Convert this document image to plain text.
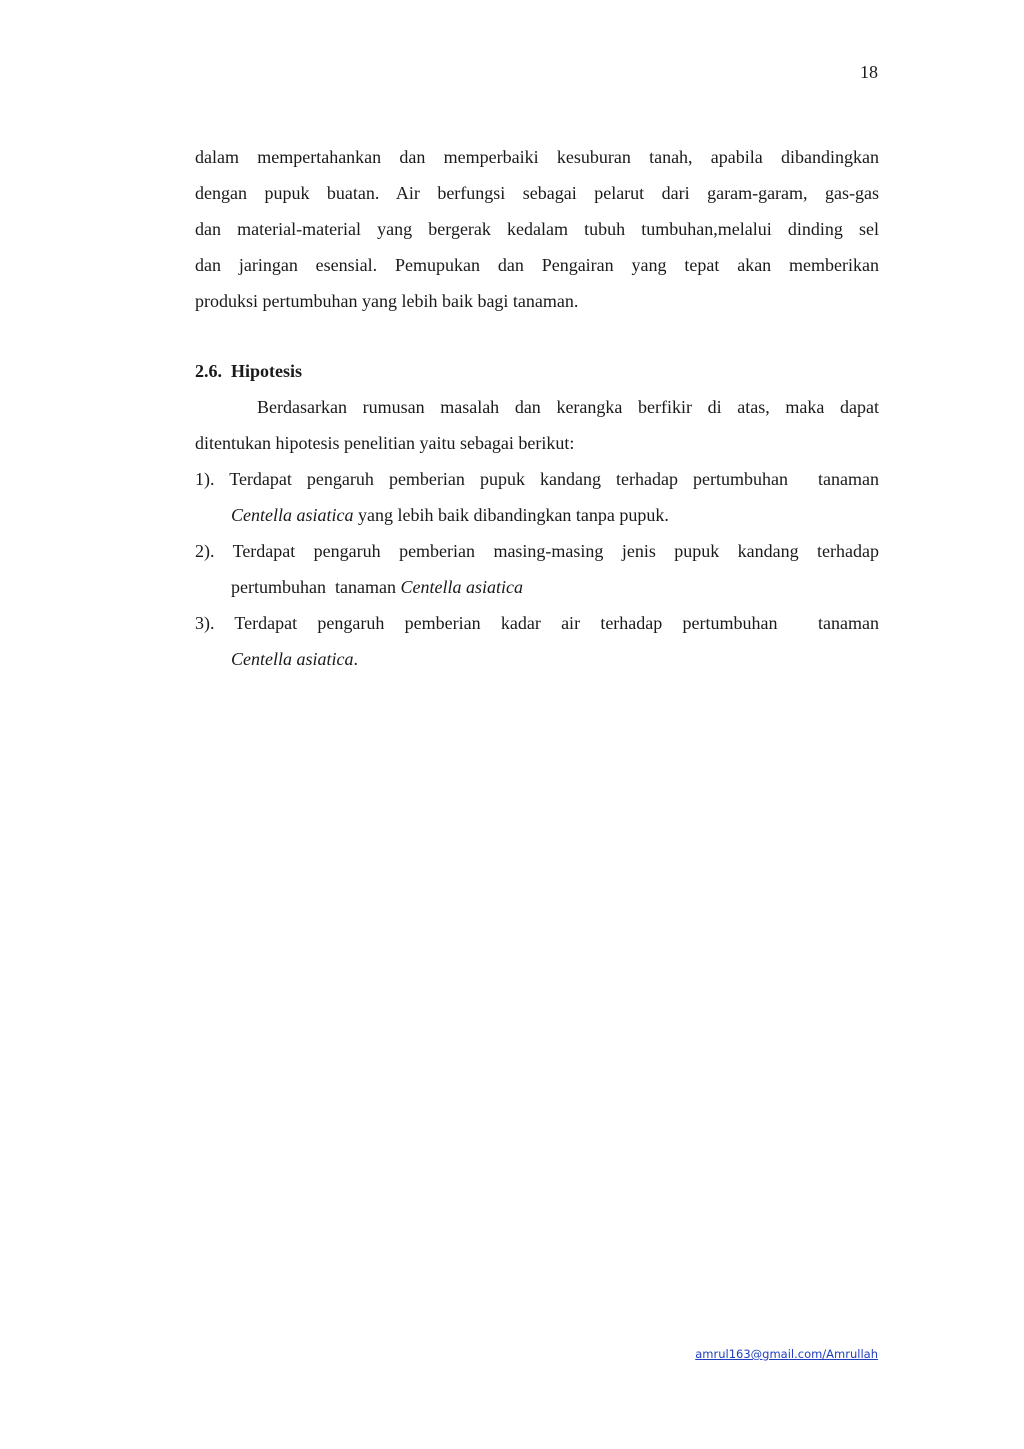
18
dalam mempertahankan dan memperbaiki kesuburan tanah, apabila dibandingkan
dengan pupuk buatan. Air berfungsi sebagai pelarut dari garam-garam, gas-gas
dan material-material yang bergerak kedalam tubuh tumbuhan,melalui dinding sel
dan jaringan esensial. Pemupukan dan Pengairan yang tepat akan memberikan
produksi pertumbuhan yang lebih baik bagi tanaman.
2.6.  Hipotesis
Berdasarkan rumusan masalah dan kerangka berfikir di atas, maka dapat
ditentukan hipotesis penelitian yaitu sebagai berikut:
1). Terdapat pengaruh pemberian pupuk kandang terhadap pertumbuhan  tanaman
Centella asiatica yang lebih baik dibandingkan tanpa pupuk.
2). Terdapat pengaruh pemberian masing-masing jenis pupuk kandang terhadap
pertumbuhan  tanaman Centella asiatica
3). Terdapat pengaruh pemberian kadar air terhadap pertumbuhan  tanaman
Centella asiatica.
amrul163@gmail.com/Amrullah
